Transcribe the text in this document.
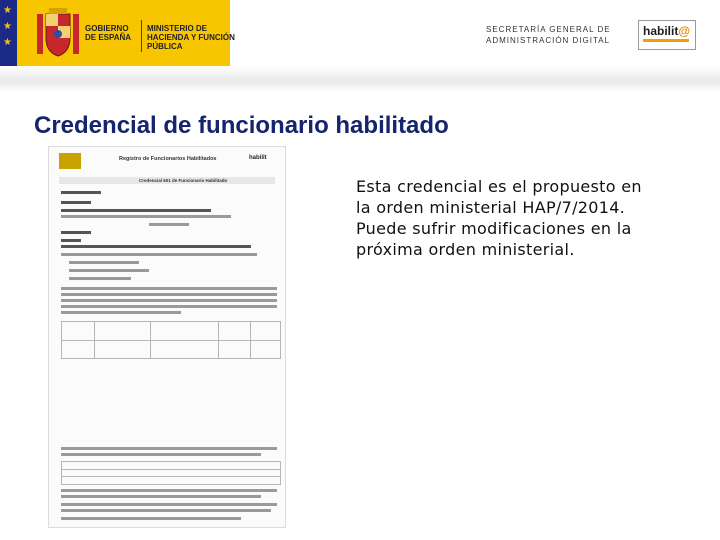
★
★
★
GOBIERNO DE ESPAÑA
MINISTERIO DE HACIENDA Y FUNCIÓN PÚBLICA
SECRETARÍA GENERAL DE ADMINISTRACIÓN DIGITAL
habilit@
Credencial de funcionario habilitado
Registro de Funcionarios Habilitados	habilit
Credencial 601 de Funcionario Habilitado	Esta credencial es el propuesto en la orden ministerial HAP/7/2014. Puede sufrir modificaciones en la próxima orden ministerial.
